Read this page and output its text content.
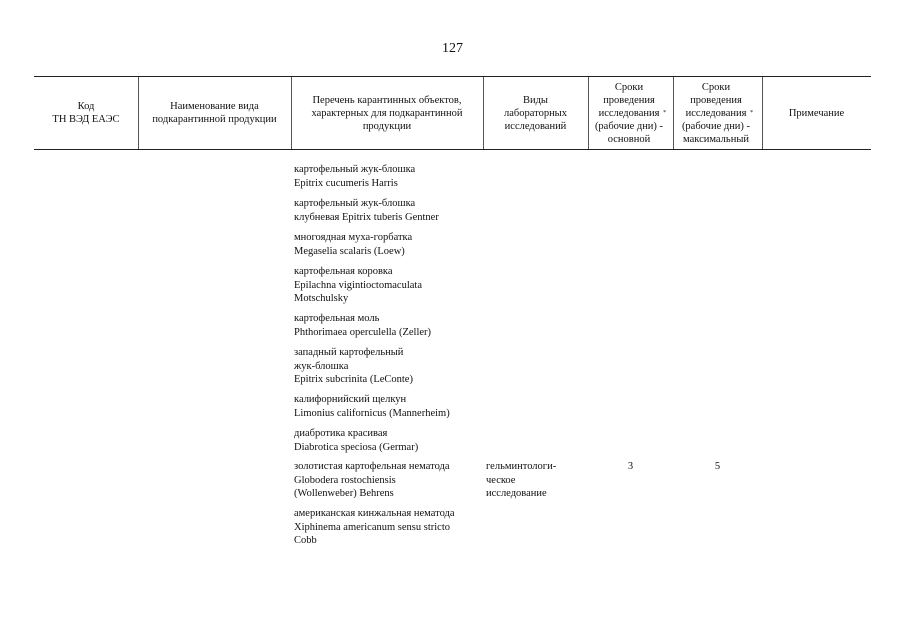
127
Код
ТН ВЭД ЕАЭС
Наименование вида
подкарантинной продукции
Перечень карантинных объектов,
характерных для подкарантинной
продукции
Виды
лабораторных
исследований
Сроки
проведения
исследования
(рабочие дни) -
основной
*
Сроки
проведения
исследования
(рабочие дни) -
максимальный
*	Примечание
картофельный жук-блошка
Epitrix cucumeris Harris
картофельный жук-блошка
клубневая Epitrix tuberis Gentner
многоядная муха-горбатка
Megaselia scalaris (Loew)
картофельная коровка
Epilachna vigintioctomaculata
Motschulsky
картофельная моль
Phthorimaea operculella (Zeller)
западный картофельный
жук-блошка
Epitrix subcrinita (LeConte)
калифорнийский щелкун
Limonius californicus (Mannerheim)
диабротика красивая
Diabrotica speciosa (Germar)
золотистая картофельная нематода
Globodera rostochiensis
(Wollenweber) Behrens
американская кинжальная нематода
Xiphinema americanum sensu stricto
Cobb
гельминтологи-
ческое
исследование
3	5
